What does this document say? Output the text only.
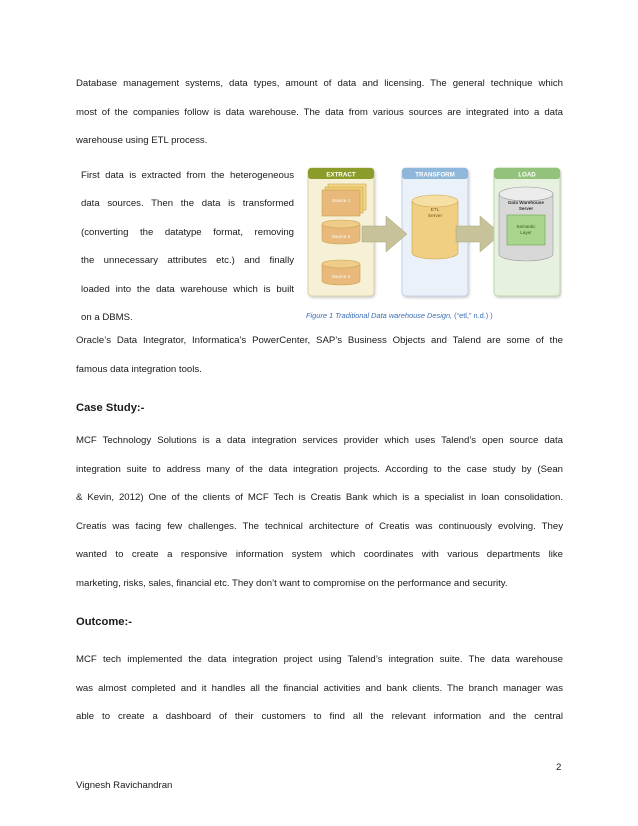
Database management systems, data types, amount of data and licensing. The general technique which
most of the companies follow is data warehouse. The data from various sources are integrated into a data
warehouse using ETL process.
First data is extracted from the heterogeneous
data sources. Then the data is transformed
(converting the datatype format, removing
the unnecessary attributes etc.) and finally
loaded into the data warehouse which is built
on a DBMS.
EXTRACT
Source 1
Source 2
Source 3
TRANSFORM
ETL
Server
LOAD
Data Warehouse
Server
Semantic
Layer
Figure 1 Traditional Data warehouse Design, (“etl,” n.d.) )
Oracle’s Data Integrator, Informatica’s PowerCenter, SAP’s Business Objects and Talend are some of the
famous data integration tools.
Case Study:-
MCF Technology Solutions is a data integration services provider which uses Talend’s open source data
integration suite to address many of the data integration projects. According to the case study by (Sean
& Kevin, 2012) One of the clients of MCF Tech is Creatis Bank which is a specialist in loan consolidation.
Creatis was facing few challenges. The technical architecture of Creatis was continuously evolving. They
wanted to create a responsive information system which coordinates with various departments like
marketing, risks, sales, financial etc. They don’t want to compromise on the performance and security.
Outcome:-
MCF tech implemented the data integration project using Talend’s integration suite. The data warehouse
was almost completed and it handles all the financial activities and bank clients. The branch manager was
able to create a dashboard of their customers to find all the relevant information and the central
2
Vignesh Ravichandran
